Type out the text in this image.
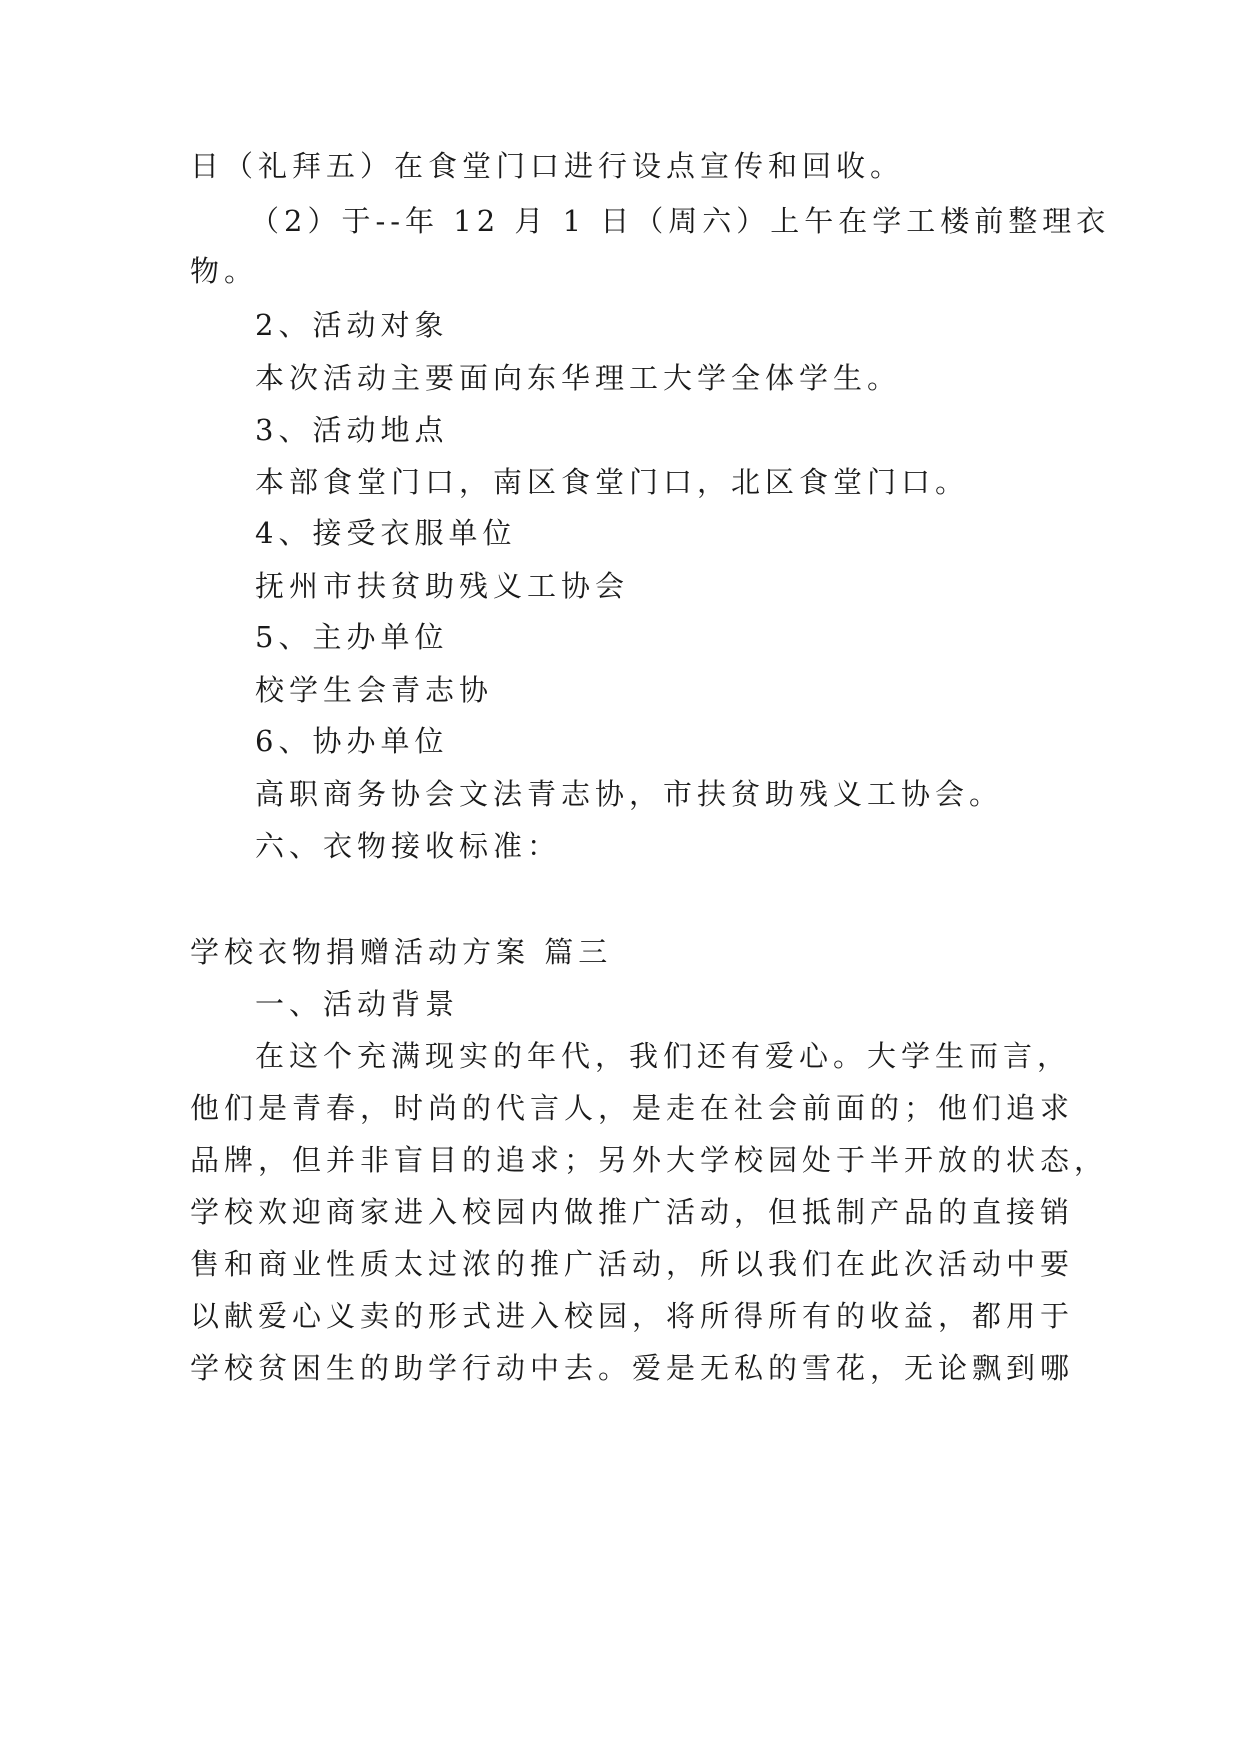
日（礼拜五）在食堂门口进行设点宣传和回收。
（2）于--年 12 月 1 日（周六）上午在学工楼前整理衣
物。
2、活动对象
本次活动主要面向东华理工大学全体学生。
3、活动地点
本部食堂门口，南区食堂门口，北区食堂门口。
4、接受衣服单位
抚州市扶贫助残义工协会
5、主办单位
校学生会青志协
6、协办单位
高职商务协会文法青志协，市扶贫助残义工协会。
六、衣物接收标准：
学校衣物捐赠活动方案 篇三
一、活动背景
在这个充满现实的年代，我们还有爱心。大学生而言，
他们是青春，时尚的代言人，是走在社会前面的；他们追求
品牌，但并非盲目的追求；另外大学校园处于半开放的状态，
学校欢迎商家进入校园内做推广活动，但抵制产品的直接销
售和商业性质太过浓的推广活动，所以我们在此次活动中要
以献爱心义卖的形式进入校园，将所得所有的收益，都用于
学校贫困生的助学行动中去。爱是无私的雪花，无论飘到哪
